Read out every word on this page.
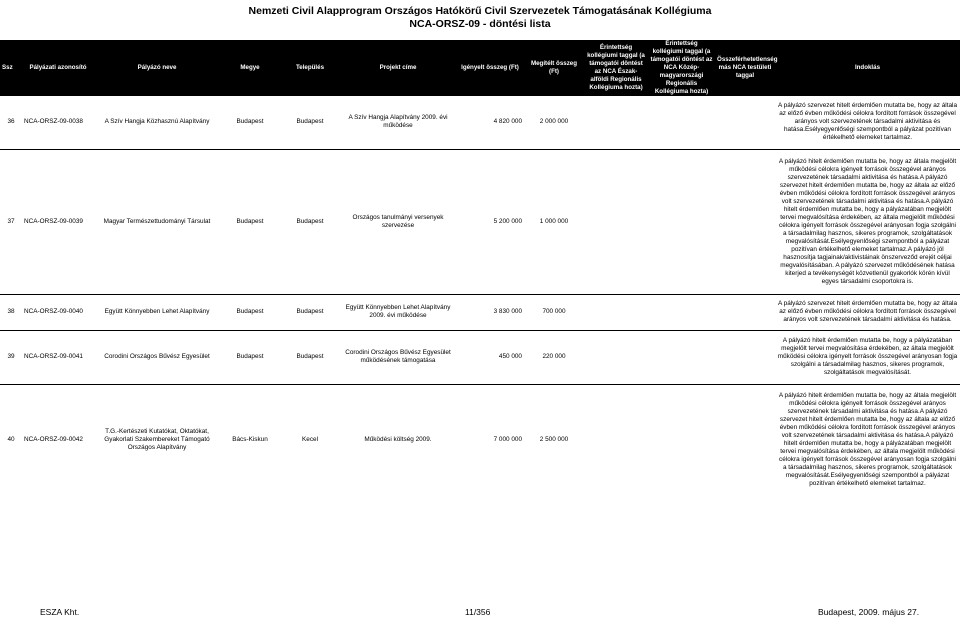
Nemzeti Civil Alapprogram Országos Hatókörű Civil Szervezetek Támogatásának Kollégiuma
NCA-ORSZ-09 - döntési lista
Ssz	Pályázati azonosító	Pályázó neve	Megye	Település	Projekt címe	Igényelt összeg (Ft)	Megítélt összeg (Ft)	Érintettség kollégiumi taggal (a támogatói döntést az NCA Észak-alföldi Regionális Kollégiuma hozta)	Érintettség kollégiumi taggal (a támogatói döntést az NCA Közép-magyarországi Regionális Kollégiuma hozta)	Összeférhetetlenség más NCA testületi taggal	Indoklás
36	NCA-ORSZ-09-0038	A Szív Hangja Közhasznú Alapítvány	Budapest	Budapest	A Szív Hangja Alapítvány 2009. évi működése	4 820 000	2 000 000				A pályázó szervezet hitelt érdemlően mutatta be, hogy az általa az előző évben működési célokra fordított források összegével arányos volt szervezetének társadalmi aktivitása és hatása.Esélyegyenlőségi szempontból a pályázat pozitívan értékelhető elemeket tartalmaz.
37	NCA-ORSZ-09-0039	Magyar Természettudományi Társulat	Budapest	Budapest	Országos tanulmányi versenyek szervezése	5 200 000	1 000 000				A pályázó hitelt érdemlően mutatta be, hogy az általa megjelölt működési célokra igényelt források összegével arányos szervezetének társadalmi aktivitása és hatása.A pályázó szervezet hitelt érdemlően mutatta be, hogy az általa az előző évben működési célokra fordított források összegével arányos volt szervezetének társadalmi aktivitása és hatása.A pályázó hitelt érdemlően mutatta be, hogy a pályázatában megjelölt tervei megvalósítása érdekében, az általa megjelölt működési célokra igényelt források összegével arányosan fogja szolgálni a társadalmilag hasznos, sikeres programok, szolgáltatások megvalósítását.Esélyegyenlőségi szempontból a pályázat pozitívan értékelhető elemeket tartalmaz.A pályázó jól hasznosítja tagjainak/aktivistáinak önszerveződ erejét céljai megvalósításában. A pályázó szervezet működésének hatása kiterjed a tevékenységét közvetlenül gyakorlók körén kívül egyes társadalmi csoportokra is.
38	NCA-ORSZ-09-0040	Együtt Könnyebben Lehet Alapítvány	Budapest	Budapest	Együtt Könnyebben Lehet Alapítvány 2009. évi működése	3 830 000	700 000				A pályázó szervezet hitelt érdemlően mutatta be, hogy az általa az előző évben működési célokra fordított források összegével arányos volt szervezetének társadalmi aktivitása és hatása.
39	NCA-ORSZ-09-0041	Corodini Országos Bűvész Egyesület	Budapest	Budapest	Corodini Országos Bűvész Egyesület működésének támogatása	450 000	220 000				A pályázó hitelt érdemlően mutatta be, hogy a pályázatában megjelölt tervei megvalósítása érdekében, az általa megjelölt működési célokra igényelt források összegével arányosan fogja szolgálni a társadalmilag hasznos, sikeres programok, szolgáltatások megvalósítását.
40	NCA-ORSZ-09-0042	T.G.-Kertészeti Kutatókat, Oktatókat, Gyakorlati Szakembereket Támogató Országos Alapítvány	Bács-Kiskun	Kecel	Működési költség 2009.	7 000 000	2 500 000				A pályázó hitelt érdemlően mutatta be, hogy az általa megjelölt működési célokra igényelt források összegével arányos szervezetének társadalmi aktivitása és hatása.A pályázó szervezet hitelt érdemlően mutatta be, hogy az általa az előző évben működési célokra fordított források összegével arányos volt szervezetének társadalmi aktivitása és hatása.A pályázó hitelt érdemlően mutatta be, hogy a pályázatában megjelölt tervei megvalósítása érdekében, az általa megjelölt működési célokra igényelt források összegével arányosan fogja szolgálni a társadalmilag hasznos, sikeres programok, szolgáltatások megvalósítását.Esélyegyenlőségi szempontból a pályázat pozitívan értékelhető elemeket tartalmaz.
ESZA Kht.	11/356	Budapest, 2009. május 27.
